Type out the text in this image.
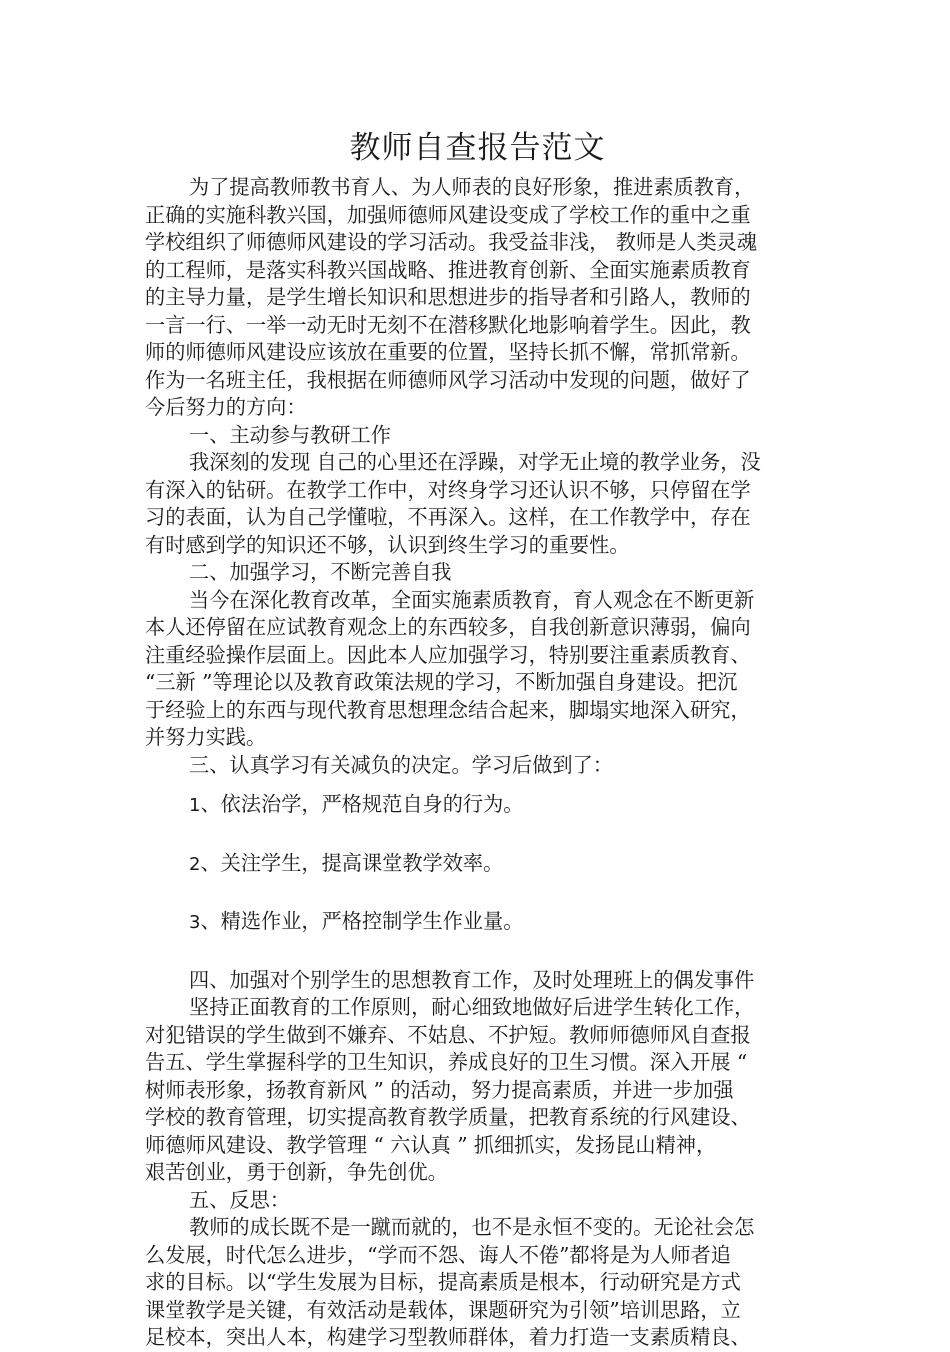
教师自查报告范文

为了提高教师教书育人、为人师表的良好形象，推进素质教育，

正确的实施科教兴国，加强师德师风建设变成了学校工作的重中之重

学校组织了师德师风建设的学习活动。我受益非浅， 教师是人类灵魂

的工程师，是落实科教兴国战略、推进教育创新、全面实施素质教育

的主导力量，是学生增长知识和思想进步的指导者和引路人，教师的

一言一行、一举一动无时无刻不在潜移默化地影响着学生。因此，教

师的师德师风建设应该放在重要的位置，坚持长抓不懈，常抓常新。

作为一名班主任，我根据在师德师风学习活动中发现的问题，做好了

今后努力的方向：

一、主动参与教研工作

我深刻的发现 自己的心里还在浮躁，对学无止境的教学业务，没

有深入的钻研。在教学工作中，对终身学习还认识不够，只停留在学

习的表面，认为自己学懂啦，不再深入。这样，在工作教学中，存在

有时感到学的知识还不够，认识到终生学习的重要性。

二、加强学习，不断完善自我

当今在深化教育改革，全面实施素质教育，育人观念在不断更新

本人还停留在应试教育观念上的东西较多，自我创新意识薄弱，偏向

注重经验操作层面上。因此本人应加强学习，特别要注重素质教育、

“三新 ”等理论以及教育政策法规的学习，不断加强自身建设。把沉

于经验上的东西与现代教育思想理念结合起来，脚塌实地深入研究，

并努力实践。

三、认真学习有关减负的决定。学习后做到了：

1、依法治学，严格规范自身的行为。

2、关注学生，提高课堂教学效率。

3、精选作业，严格控制学生作业量。

四、加强对个别学生的思想教育工作，及时处理班上的偶发事件

坚持正面教育的工作原则，耐心细致地做好后进学生转化工作，

对犯错误的学生做到不嫌弃、不姑息、不护短。教师师德师风自查报

告五、学生掌握科学的卫生知识，养成良好的卫生习惯。深入开展 “

树师表形象，扬教育新风 ” 的活动，努力提高素质，并进一步加强

学校的教育管理，切实提高教育教学质量，把教育系统的行风建设、

师德师风建设、教学管理 “ 六认真 ” 抓细抓实，发扬昆山精神，

艰苦创业，勇于创新，争先创优。

五、反思：

教师的成长既不是一蹴而就的，也不是永恒不变的。无论社会怎

么发展，时代怎么进步，“学而不怨、诲人不倦”都将是为人师者追

求的目标。以“学生发展为目标，提高素质是根本，行动研究是方式

课堂教学是关键，有效活动是载体，课题研究为引领”培训思路，立

足校本，突出人本，构建学习型教师群体，着力打造一支素质精良、
